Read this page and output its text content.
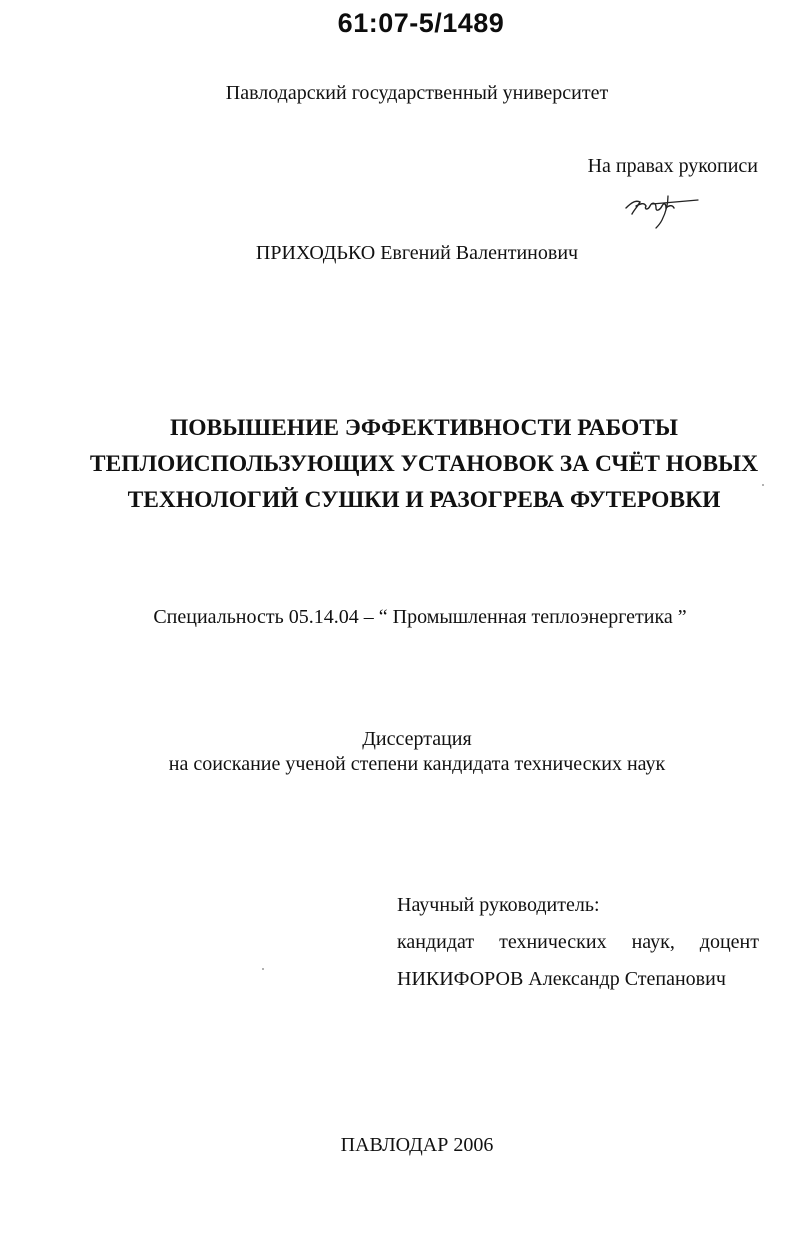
61:07-5/1489
Павлодарский государственный университет
На правах рукописи
ПРИХОДЬКО Евгений Валентинович
ПОВЫШЕНИЕ ЭФФЕКТИВНОСТИ РАБОТЫ
ТЕПЛОИСПОЛЬЗУЮЩИХ УСТАНОВОК ЗА СЧЁТ НОВЫХ
ТЕХНОЛОГИЙ СУШКИ И РАЗОГРЕВА ФУТЕРОВКИ
Специальность 05.14.04 – “ Промышленная теплоэнергетика ”
Диссертация
на соискание ученой степени кандидата технических наук
Научный руководитель:
кандидат технических наук, доцент
НИКИФОРОВ Александр Степанович
ПАВЛОДАР 2006
